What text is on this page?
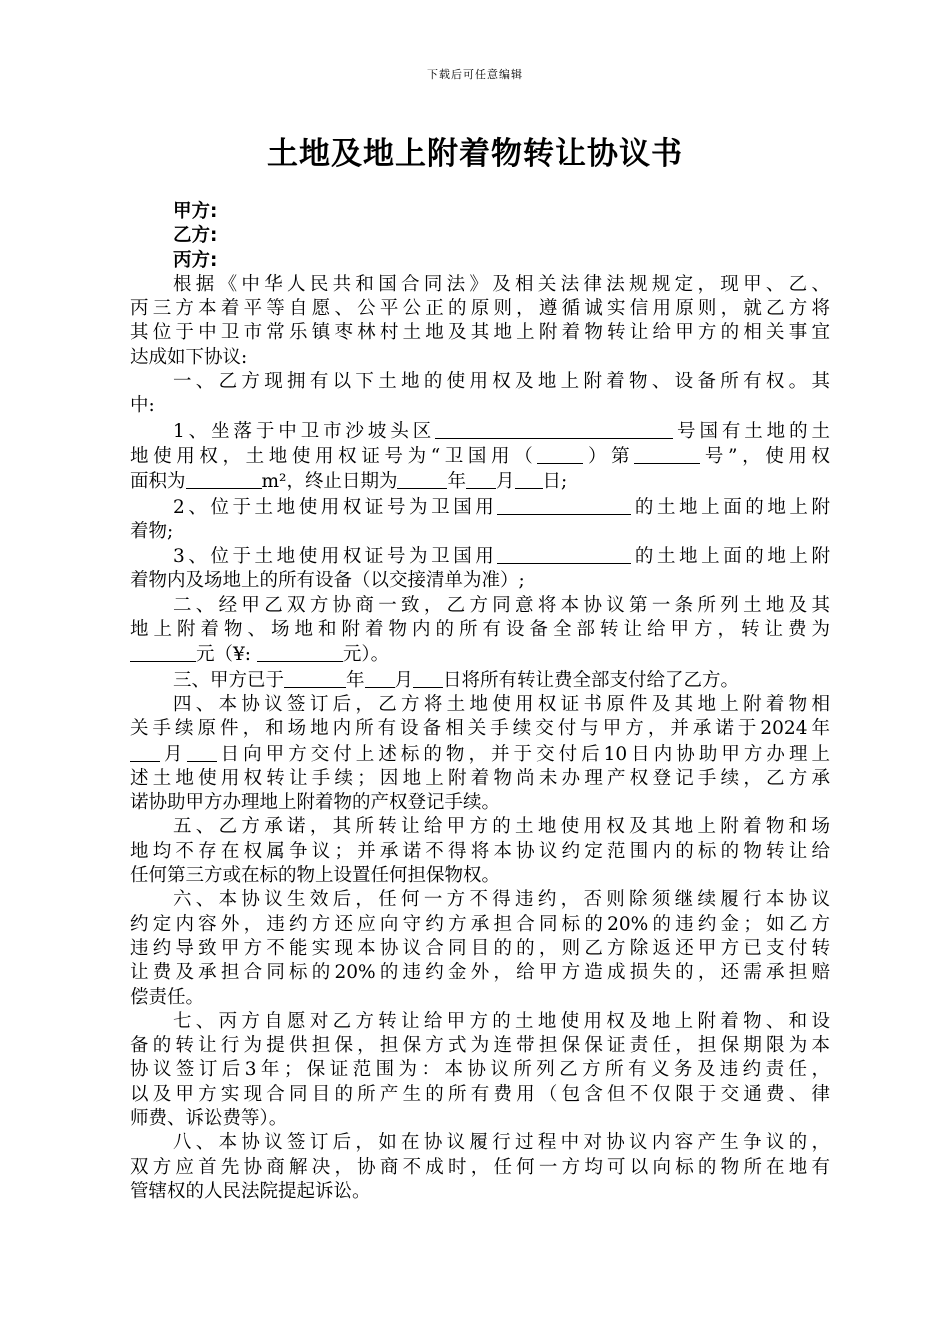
下载后可任意编辑
土地及地上附着物转让协议书
甲方:
乙方:
丙方:
根据《中华人民共和国合同法》及相关法律法规规定，现甲、乙、
丙三方本着平等自愿、公平公正的原则，遵循诚实信用原则，就乙方将
其位于中卫市常乐镇枣林村土地及其地上附着物转让给甲方的相关事宜
达成如下协议:
一、乙方现拥有以下土地的使用权及地上附着物、设备所有权。其
中:
1、坐落于中卫市沙坡头区	号国有土地的土
地使用权，土地使用权证号为“卫国用（ ）第	号”，使用权
面积为	m²，终止日期为	年 月 日;
2、位于土地使用权证号为卫国用	的土地上面的地上附
着物;
3、位于土地使用权证号为卫国用	的土地上面的地上附
着物内及场地上的所有设备（以交接清单为准）;
二、经甲乙双方协商一致，乙方同意将本协议第一条所列土地及其
地上附着物、场地和附着物内的所有设备全部转让给甲方，转让费为
元（¥:	元）。
三、甲方已于	年 月 日将所有转让费全部支付给了乙方。
四、本协议签订后，乙方将土地使用权证书原件及其地上附着物相
关手续原件，和场地内所有设备相关手续交付与甲方，并承诺于2024年
月 日向甲方交付上述标的物，并于交付后10日内协助甲方办理上
述土地使用权转让手续；因地上附着物尚未办理产权登记手续，乙方承
诺协助甲方办理地上附着物的产权登记手续。
五、乙方承诺，其所转让给甲方的土地使用权及其地上附着物和场
地均不存在权属争议；并承诺不得将本协议约定范围内的标的物转让给
任何第三方或在标的物上设置任何担保物权。
六、本协议生效后，任何一方不得违约，否则除须继续履行本协议
约定内容外，违约方还应向守约方承担合同标的20%的违约金；如乙方
违约导致甲方不能实现本协议合同目的的，则乙方除返还甲方已支付转
让费及承担合同标的20%的违约金外，给甲方造成损失的，还需承担赔
偿责任。
七、丙方自愿对乙方转让给甲方的土地使用权及地上附着物、和设
备的转让行为提供担保，担保方式为连带担保保证责任，担保期限为本
协议签订后3年；保证范围为：本协议所列乙方所有义务及违约责任，
以及甲方实现合同目的所产生的所有费用（包含但不仅限于交通费、律
师费、诉讼费等）。
八、本协议签订后，如在协议履行过程中对协议内容产生争议的，
双方应首先协商解决，协商不成时，任何一方均可以向标的物所在地有
管辖权的人民法院提起诉讼。
